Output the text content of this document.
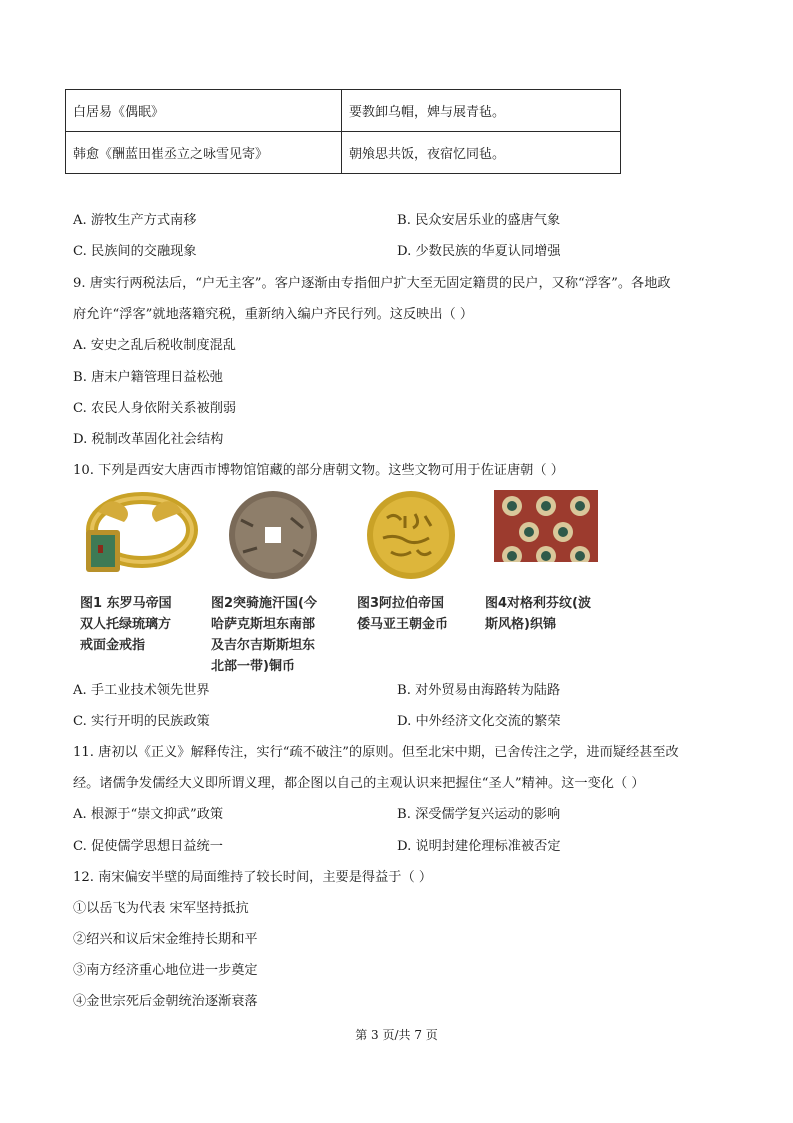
白居易《偶眠》	要教卸乌帽，婢与展青毡。
韩愈《酬蓝田崔丞立之咏雪见寄》	朝飧思共饭，夜宿忆同毡。
A. 游牧生产方式南移	B. 民众安居乐业的盛唐气象
C. 民族间的交融现象	D. 少数民族的华夏认同增强
9. 唐实行两税法后，“户无主客”。客户逐渐由专指佃户扩大至无固定籍贯的民户，又称“浮客”。各地政
府允许“浮客”就地落籍究税，重新纳入编户齐民行列。这反映出（ ）
A. 安史之乱后税收制度混乱
B. 唐末户籍管理日益松弛
C. 农民人身依附关系被削弱
D. 税制改革固化社会结构
10. 下列是西安大唐西市博物馆馆藏的部分唐朝文物。这些文物可用于佐证唐朝（ ）
图1 东罗马帝国
双人托绿琉璃方
戒面金戒指
图2突骑施汗国(今
哈萨克斯坦东南部
及吉尔吉斯斯坦东
北部一带)铜币
图3阿拉伯帝国
倭马亚王朝金币
图4对格利芬纹(波
斯风格)织锦
A. 手工业技术领先世界	B. 对外贸易由海路转为陆路
C. 实行开明的民族政策	D. 中外经济文化交流的繁荣
11. 唐初以《正义》解释传注，实行“疏不破注”的原则。但至北宋中期，已舍传注之学，进而疑经甚至改
经。诸儒争发儒经大义即所谓义理，都企图以自己的主观认识来把握住“圣人”精神。这一变化（ ）
A. 根源于“崇文抑武”政策	B. 深受儒学复兴运动的影响
C. 促使儒学思想日益统一	D. 说明封建伦理标准被否定
12. 南宋偏安半壁的局面维持了较长时间，主要是得益于（ ）
①以岳飞为代表 宋军坚持抵抗
②绍兴和议后宋金维持长期和平
③南方经济重心地位进一步奠定
④金世宗死后金朝统治逐渐衰落
第 3 页/共 7 页
